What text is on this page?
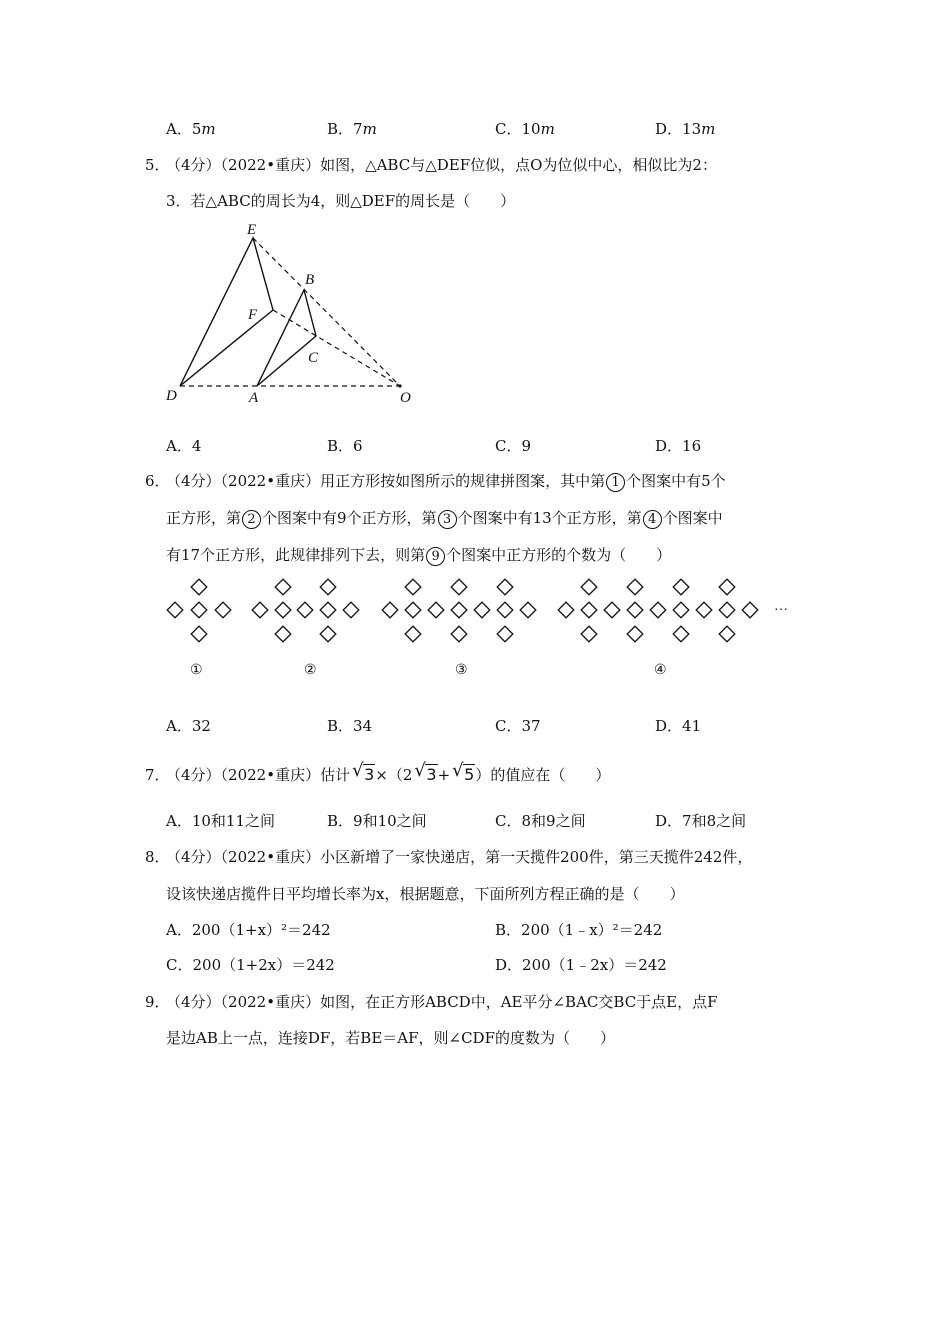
A．5m	B．7m	C．10m	D．13m
5．
（4分）（2022•重庆）如图，△ABC与△DEF位似，点O为位似中心，相似比为2：
3．若△ABC的周长为4，则△DEF的周长是（　　）
E
B
F
C
D	A	O
A．4	B．6	C．9	D．16
6．
（4分）（2022•重庆）用正方形按如图所示的规律拼图案，其中第 1 个图案中有5个
正方形，第 2 个图案中有9个正方形，第 3 个图案中有13个正方形，第 4 个图案中
有17个正方形，此规律排列下去，则第 9 个图案中正方形的个数为（　　）
···
①	②	③	④
A．32	B．34	C．37	D．41
7．
（4分）（2022•重庆）估计 √ 3×（2 √ 3+ √ 5）的值应在（　　）
A．10和11之间	B．9和10之间	C．8和9之间	D．7和8之间
8．
（4分）（2022•重庆）小区新增了一家快递店，第一天揽件200件，第三天揽件242件，
设该快递店揽件日平均增长率为x，根据题意，下面所列方程正确的是（　　）
A．200（1+x）²＝242	B．200（1﹣x）²＝242
C．200（1+2x）＝242	D．200（1﹣2x）＝242
9．
（4分）（2022•重庆）如图，在正方形ABCD中，AE平分∠BAC交BC于点E，点F
是边AB上一点，连接DF，若BE＝AF，则∠CDF的度数为（　　）
